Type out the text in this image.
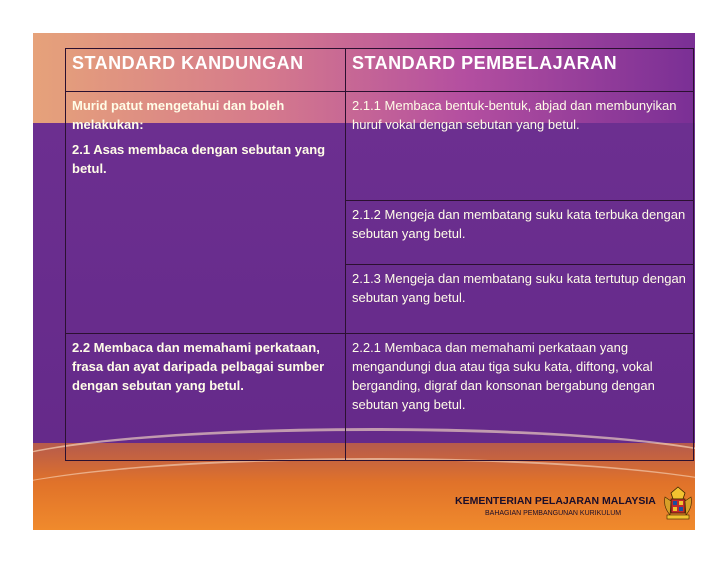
STANDARD KANDUNGAN	STANDARD PEMBELAJARAN

Murid patut mengetahui dan boleh melakukan:
2.1 Asas membaca dengan sebutan yang betul.	2.1.1 Membaca bentuk-bentuk, abjad dan membunyikan huruf vokal dengan sebutan yang betul.
	2.1.2 Mengeja dan membatang suku kata terbuka dengan sebutan yang betul.
	2.1.3 Mengeja dan membatang suku kata tertutup dengan sebutan yang betul.
2.2 Membaca dan memahami perkataan, frasa dan ayat daripada pelbagai sumber dengan sebutan yang betul.	2.2.1 Membaca dan memahami perkataan yang mengandungi dua atau tiga suku kata, diftong, vokal berganding, digraf dan konsonan bergabung dengan sebutan yang betul.
KEMENTERIAN PELAJARAN MALAYSIA
BAHAGIAN PEMBANGUNAN KURIKULUM
